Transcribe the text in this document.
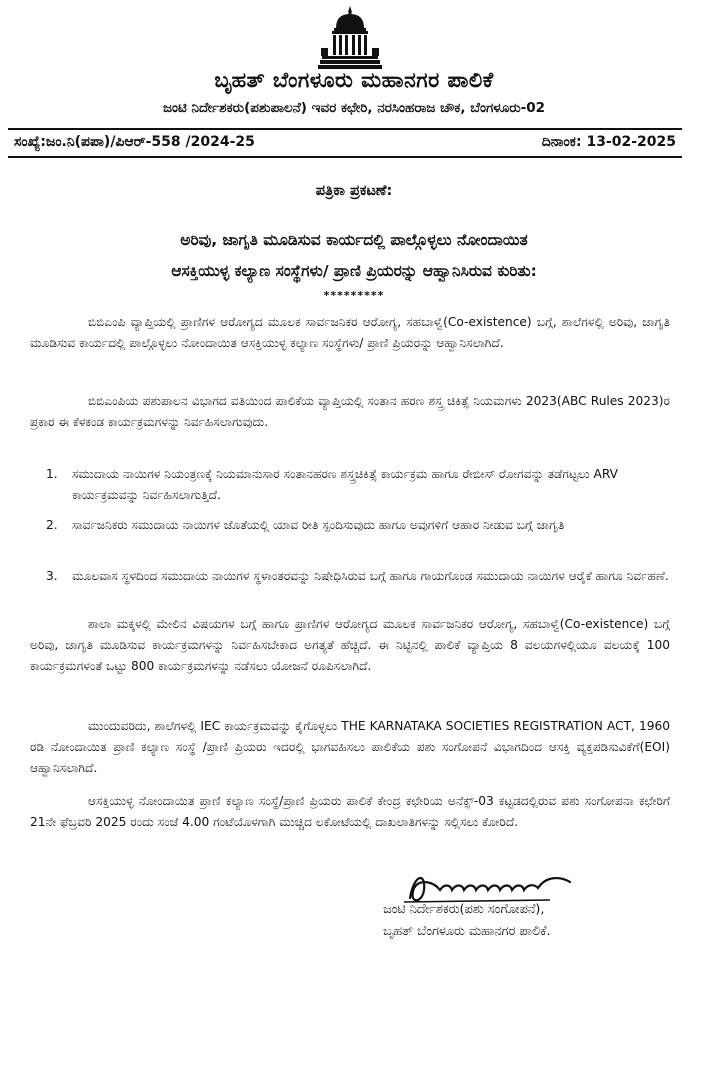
ಬೃಹತ್ ಬೆಂಗಳೂರು ಮಹಾನಗರ ಪಾಲಿಕೆ
ಜಂಟಿ ನಿರ್ದೇಶಕರು(ಪಶುಪಾಲನೆ) ಇವರ ಕಛೇರಿ, ನರಸಿಂಹರಾಜ ಚೌಕ, ಬೆಂಗಳೂರು-02
ಸಂಖ್ಯೆ:ಜಂ.ನಿ(ಪಪಾ)/ಪಿಆರ್-558 /2024-25	ದಿನಾಂಕ: 13-02-2025
ಪತ್ರಿಕಾ ಪ್ರಕಟಣೆ:
ಅರಿವು, ಜಾಗೃತಿ ಮೂಡಿಸುವ ಕಾರ್ಯದಲ್ಲಿ ಪಾಲ್ಗೊಳ್ಳಲು ನೋಂದಾಯಿತ
ಆಸಕ್ತಿಯುಳ್ಳ ಕಲ್ಯಾಣ ಸಂಸ್ಥೆಗಳು/ ಪ್ರಾಣಿ ಪ್ರಿಯರನ್ನು ಆಹ್ವಾನಿಸಿರುವ ಕುರಿತು:
*********
ಬಿಬಿಎಂಪಿ ವ್ಯಾಪ್ತಿಯಲ್ಲಿ ಪ್ರಾಣಿಗಳ ಆರೋಗ್ಯದ ಮೂಲಕ ಸಾರ್ವಜನಿಕರ ಆರೋಗ್ಯ, ಸಹಬಾಳ್ವೆ(Co-existence) ಬಗ್ಗೆ, ಶಾಲೆಗಳಲ್ಲಿ ಅರಿವು, ಜಾಗೃತಿ ಮೂಡಿಸುವ ಕಾರ್ಯದಲ್ಲಿ ಪಾಲ್ಗೊಳ್ಳಲು ನೋಂದಾಯಿತ ಆಸಕ್ತಿಯುಳ್ಳ ಕಲ್ಯಾಣ ಸಂಸ್ಥೆಗಳು/ ಪ್ರಾಣಿ ಪ್ರಿಯರನ್ನು ಆಹ್ವಾನಿಸಲಾಗಿದೆ.
ಬಿಬಿಎಂಪಿಯ ಪಶುಪಾಲನ ವಿಭಾಗದ ವತಿಯಿಂದ ಪಾಲಿಕೆಯ ವ್ಯಾಪ್ತಿಯಲ್ಲಿ ಸಂತಾನ ಹರಣ ಶಸ್ತ್ರ ಚಿಕಿತ್ಸೆ ನಿಯಮಗಳು 2023(ABC Rules 2023)ರ ಪ್ರಕಾರ ಈ ಕೆಳಕಂಡ ಕಾರ್ಯಕ್ರಮಗಳನ್ನು ನಿರ್ವಹಿಸಲಾಗುವುದು.
1.	ಸಮುದಾಯ ನಾಯಿಗಳ ನಿಯಂತ್ರಣಕ್ಕೆ ನಿಯಮಾನುಸಾರ ಸಂತಾನಹರಣ ಶಸ್ತ್ರಚಿಕಿತ್ಸೆ ಕಾರ್ಯಕ್ರಮ ಹಾಗೂ ರೇಬೀಸ್ ರೋಗವನ್ನು ತಡೆಗಟ್ಟಲು ARV ಕಾರ್ಯಕ್ರಮವನ್ನು ನಿರ್ವಹಿಸಲಾಗುತ್ತಿದೆ.
2.	ಸಾರ್ವಜನಿಕರು ಸಮುದಾಯ ನಾಯಿಗಳ ಜೊತೆಯಲ್ಲಿ ಯಾವ ರೀತಿ ಸ್ಪಂದಿಸುವುದು ಹಾಗೂ ಅವುಗಳಿಗೆ ಆಹಾರ ನೀಡುವ ಬಗ್ಗೆ ಜಾಗೃತಿ
3.	ಮೂಲವಾಸ ಸ್ಥಳದಿಂದ ಸಮುದಾಯ ನಾಯಿಗಳ ಸ್ಥಳಾಂತರವನ್ನು ನಿಷೇಧಿಸಿರುವ ಬಗ್ಗೆ ಹಾಗೂ ಗಾಯಗೊಂಡ ಸಮುದಾಯ ನಾಯಿಗಳ ಆರೈಕೆ ಹಾಗೂ ನಿರ್ವಹಣೆ.
ಶಾಲಾ ಮಕ್ಕಳಲ್ಲಿ ಮೇಲಿನ ವಿಷಯಗಳ ಬಗ್ಗೆ ಹಾಗೂ ಪ್ರಾಣಿಗಳ ಆರೋಗ್ಯದ ಮೂಲಕ ಸಾರ್ವಜನಿಕರ ಆರೋಗ್ಯ, ಸಹಬಾಳ್ವೆ(Co-existence) ಬಗ್ಗೆ ಅರಿವು, ಜಾಗೃತಿ ಮೂಡಿಸುವ ಕಾರ್ಯಕ್ರಮಗಳನ್ನು ನಿರ್ವಹಿಸಬೇಕಾದ ಅಗತ್ಯತೆ ಹೆಚ್ಚಿದೆ. ಈ ನಿಟ್ಟಿನಲ್ಲಿ ಪಾಲಿಕೆ ವ್ಯಾಪ್ತಿಯ 8 ವಲಯಗಳಲ್ಲಿಯೂ ವಲಯಕ್ಕೆ 100 ಕಾರ್ಯಕ್ರಮಗಳಂತೆ ಒಟ್ಟು 800 ಕಾರ್ಯಕ್ರಮಗಳನ್ನು ನಡೆಸಲು ಯೋಜನೆ ರೂಪಿಸಲಾಗಿದೆ.
ಮುಂದುವರಿದು, ಶಾಲೆಗಳಲ್ಲಿ IEC ಕಾರ್ಯಕ್ರಮವನ್ನು ಕೈಗೊಳ್ಳಲು THE KARNATAKA SOCIETIES REGISTRATION ACT, 1960 ರಡಿ ನೋಂದಾಯಿತ ಪ್ರಾಣಿ ಕಲ್ಯಾಣ ಸಂಸ್ಥೆ /ಪ್ರಾಣಿ ಪ್ರಿಯರು ಇದರಲ್ಲಿ ಭಾಗವಹಿಸಲು ಪಾಲಿಕೆಯ ಪಶು ಸಂಗೋಪನೆ ವಿಭಾಗದಿಂದ ಆಸಕ್ತಿ ವ್ಯಕ್ತಪಡಿಸುವಿಕೆಗೆ(EOI) ಆಹ್ವಾನಿಸಲಾಗಿದೆ.
ಆಸಕ್ತಿಯುಳ್ಳ ನೋಂದಾಯಿತ ಪ್ರಾಣಿ ಕಲ್ಯಾಣ ಸಂಸ್ಥೆ/ಪ್ರಾಣಿ ಪ್ರಿಯರು ಪಾಲಿಕೆ ಕೇಂದ್ರ ಕಛೇರಿಯ ಅನೆಕ್ಸ್-03 ಕಟ್ಟಡದಲ್ಲಿರುವ ಪಶು ಸಂಗೋಪನಾ ಕಛೇರಿಗೆ 21ನೇ ಫೆಬ್ರವರಿ 2025 ರಂದು ಸಂಜೆ 4.00 ಗಂಟೆಯೊಳಗಾಗಿ ಮುಚ್ಚಿದ ಲಕೋಟೆಯಲ್ಲಿ ದಾಖಲಾತಿಗಳನ್ನು ಸಲ್ಲಿಸಲು ಕೋರಿದೆ.
ಜಂಟಿ ನಿರ್ದೇಶಕರು(ಪಶು ಸಂಗೋಪನೆ),
ಬೃಹತ್ ಬೆಂಗಳೂರು ಮಹಾನಗರ ಪಾಲಿಕೆ.
